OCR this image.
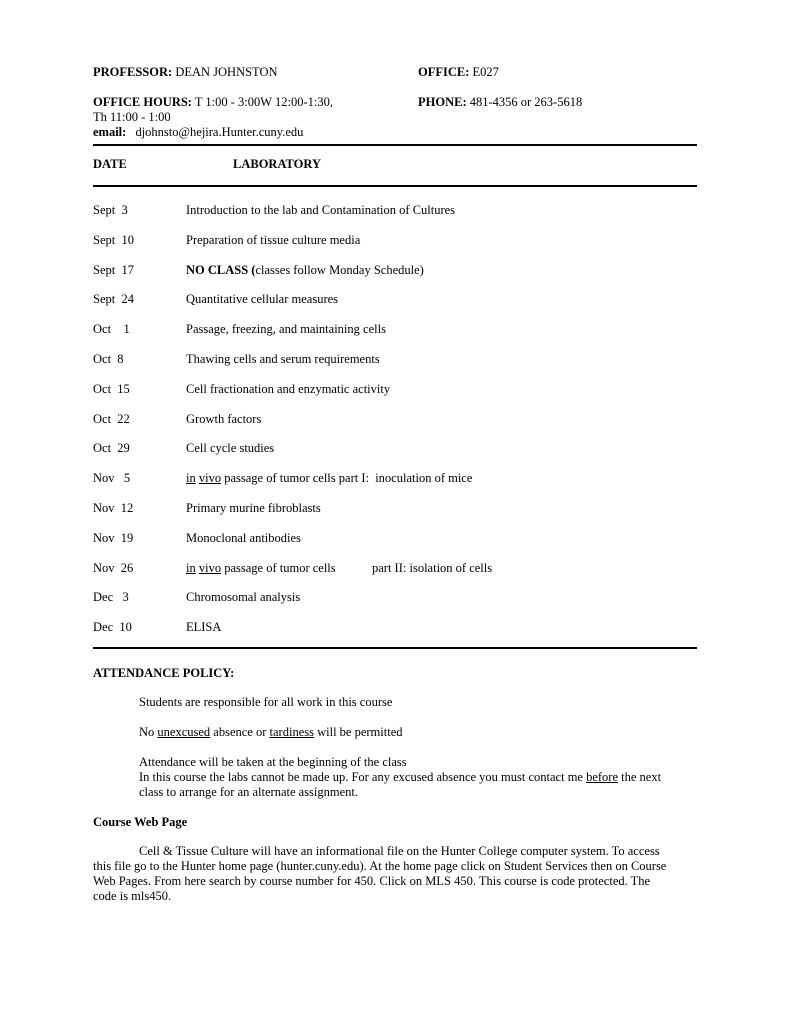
PROFESSOR: DEAN JOHNSTON	OFFICE: E027
OFFICE HOURS: T 1:00 - 3:00W 12:00-1:30,	PHONE: 481-4356 or 263-5618
Th 11:00 - 1:00
email: djohnsto@hejira.Hunter.cuny.edu
DATE	LABORATORY
Sept  3	Introduction to the lab and Contamination of Cultures
Sept  10	Preparation of tissue culture media
Sept  17	NO CLASS (classes follow Monday Schedule)
Sept  24	Quantitative cellular measures
Oct    1	Passage, freezing, and maintaining cells
Oct  8	Thawing cells and serum requirements
Oct  15	Cell fractionation and enzymatic activity
Oct  22	Growth factors
Oct  29	Cell cycle studies
Nov   5	in vivo passage of tumor cells part I:  inoculation of mice
Nov  12	Primary murine fibroblasts
Nov  19	Monoclonal antibodies
Nov  26	in vivo passage of tumor cells	part II: isolation of cells
Dec   3	Chromosomal analysis
Dec  10	ELISA
ATTENDANCE POLICY:
Students are responsible for all work in this course
No unexcused absence or tardiness will be permitted
Attendance will be taken at the beginning of the class
In this course the labs cannot be made up. For any excused absence you must contact me before the next
class to arrange for an alternate assignment.
Course Web Page
Cell & Tissue Culture will have an informational file on the Hunter College computer system. To access
this file go to the Hunter home page (hunter.cuny.edu). At the home page click on Student Services then on Course
Web Pages. From here search by course number for 450. Click on MLS 450. This course is code protected. The
code is mls450.
